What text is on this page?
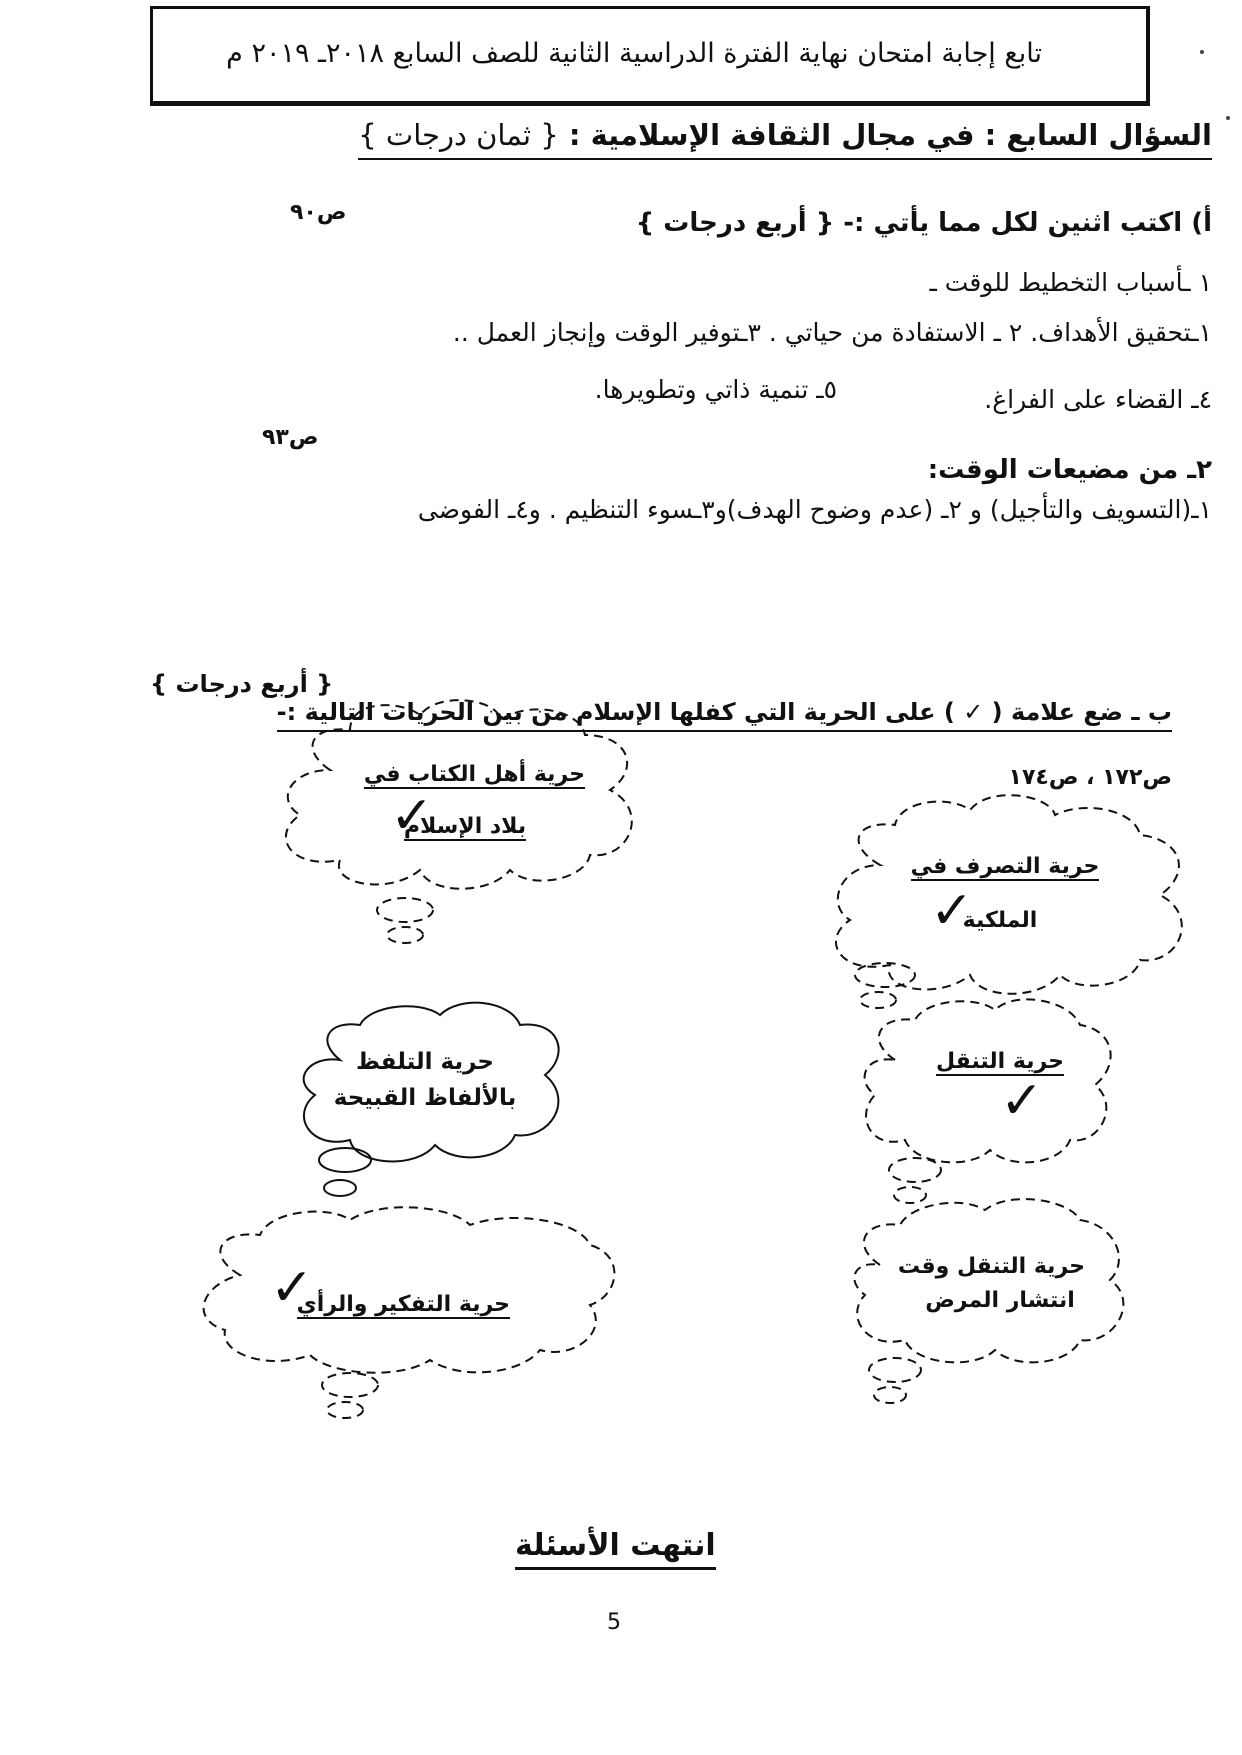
تابع إجابة امتحان نهاية الفترة الدراسية الثانية للصف السابع ٢٠١٨ـ ٢٠١٩ م
السؤال السابع : في مجال الثقافة الإسلامية : { ثمان درجات }
أ) اكتب اثنين لكل مما يأتي :- { أربع درجات }
ص٩٠
١ ـأسباب التخطيط للوقت ـ
١ـتحقيق الأهداف. ٢ ـ الاستفادة من حياتي . ٣ـتوفير الوقت وإنجاز العمل ..
٤ـ القضاء على الفراغ.
٥ـ تنمية ذاتي وتطويرها.
ص٩٣
٢ـ من مضيعات الوقت:
١ـ(التسويف والتأجيل) و ٢ـ (عدم وضوح الهدف)و٣ـسوء التنظيم . و٤ـ الفوضى
ب ـ ضع علامة ( ✓ ) على الحرية التي كفلها الإسلام من بين الحريات التالية :-
{ أربع درجات }
ص١٧٢ ، ص١٧٤
حرية أهل الكتاب في
بلاد الإسلام
✓
حرية التصرف في
الملكية
✓
حرية التلفظ
بالألفاظ القبيحة
حرية التنقل
✓
حرية التفكير والرأي
✓	حرية التنقل وقت
انتشار المرض
انتهت الأسئلة
5
